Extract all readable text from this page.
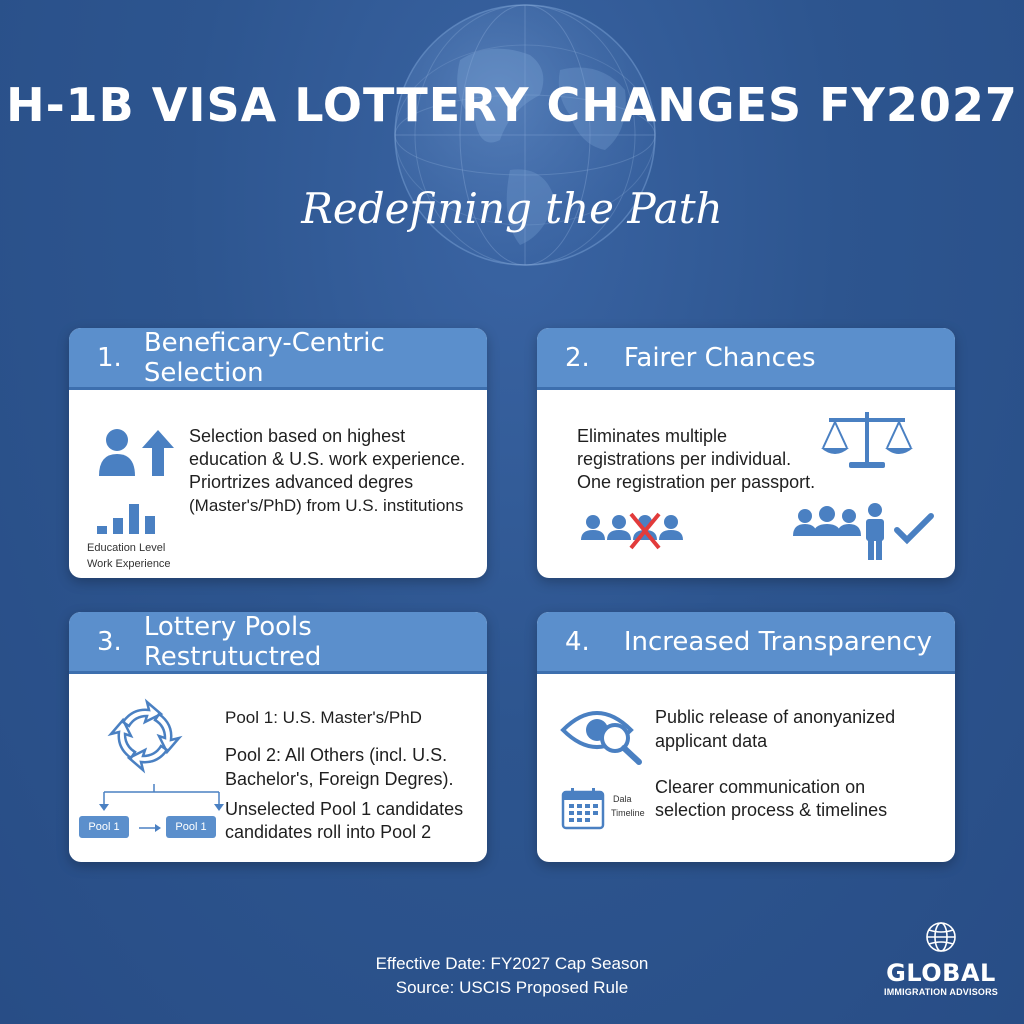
H-1B VISA LOTTERY CHANGES FY2027
Redefining the Path
1. Beneficary-Centric Selection
Education Level
Work Experience
Selection based on highest
education & U.S. work experience.
Priortrizes advanced degres
(Master's/PhD) from U.S. institutions
2. Fairer Chances
Eliminates multiple
registrations per individual.
One registration per passport.
3. Lottery Pools Restrutuctred
Pool 1	Pool 1
Pool 1: U.S. Master's/PhD
Pool 2: All Others (incl. U.S.
Bachelor's, Foreign Degres).
Unselected Pool 1 candidates
candidates roll into Pool 2
4. Increased Transparency
Dala
Timeline
Public release of anonyanized
applicant data
Clearer communication on
selection process & timelines
Effective Date: FY2027 Cap Season
Source: USCIS Proposed Rule
GLOBAL
IMMIGRATION ADVISORS
